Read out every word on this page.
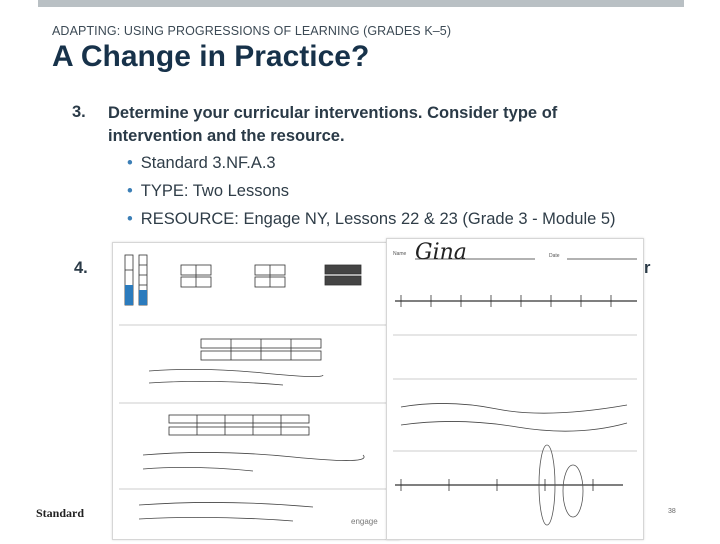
ADAPTING: USING PROGRESSIONS OF LEARNING (GRADES K–5)
A Change in Practice?
3. Determine your curricular interventions. Consider type of
intervention and the resource.
• Standard 3.NF.A.3
• TYPE: Two Lessons
• RESOURCE: Engage NY, Lessons 22 & 23 (Grade 3 - Module 5)
4.	r
engage
Name Gina	Date
Standard	38
